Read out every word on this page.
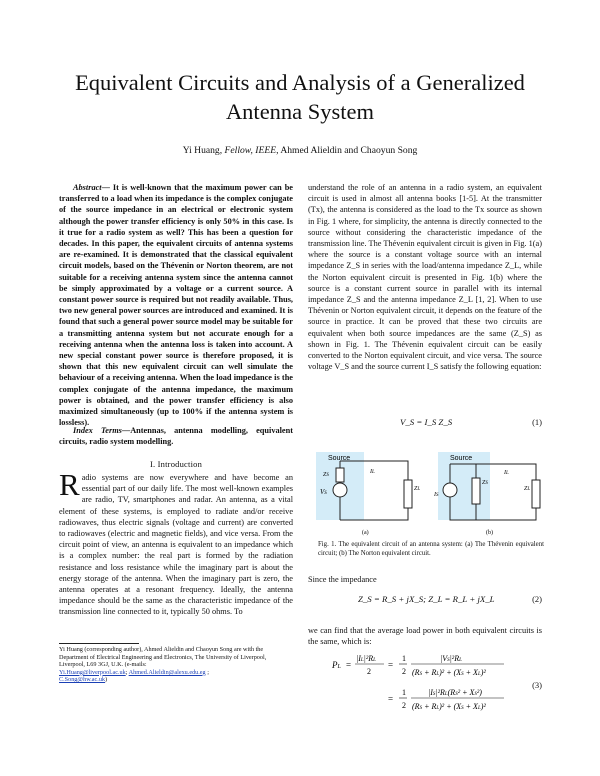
Equivalent Circuits and Analysis of a Generalized Antenna System
Yi Huang, Fellow, IEEE, Ahmed Alieldin and Chaoyun Song
Abstract— It is well-known that the maximum power can be transferred to a load when its impedance is the complex conjugate of the source impedance in an electrical or electronic system although the power transfer efficiency is only 50% in this case. Is it true for a radio system as well? This has been a question for decades. In this paper, the equivalent circuits of antenna systems are re-examined. It is demonstrated that the classical equivalent circuit models, based on the Thévenin or Norton theorem, are not suitable for a receiving antenna system since the antenna cannot be simply approximated by a voltage or a current source. A constant power source is required but not readily available. Thus, two new general power sources are introduced and examined. It is found that such a general power source model may be suitable for a transmitting antenna system but not accurate enough for a receiving antenna when the antenna loss is taken into account. A new special constant power source is therefore proposed, it is shown that this new equivalent circuit can well simulate the behaviour of a receiving antenna. When the load impedance is the complex conjugate of the antenna impedance, the maximum power is obtained, and the power transfer efficiency is also maximized simultaneously (up to 100% if the antenna system is lossless).
Index Terms—Antennas, antenna modelling, equivalent circuits, radio system modelling.
I. Introduction
Radio systems are now everywhere and have become an essential part of our daily life. The most well-known examples are radio, TV, smartphones and radar. An antenna, as a vital element of these systems, is employed to radiate and/or receive radiowaves, thus electric signals (voltage and current) are converted to radiowaves (electric and magnetic fields), and vice versa. From the circuit point of view, an antenna is equivalent to an impedance which is a complex number: the real part is formed by the radiation resistance and loss resistance while the imaginary part is about the energy storage of the antenna. When the imaginary part is zero, the antenna operates at a resonant frequency. Ideally, the antenna impedance should be the same as the characteristic impedance of the transmission line connected to it, typically 50 ohms. To
Yi Huang (corresponding author), Ahmed Alieldin and Chaoyun Song are with the Department of Electrical Engineering and Electronics, The University of Liverpool, Liverpool, L69 3GJ, U.K. (e-mails:
Yi.Huang@liverpool.ac.uk; Ahmed.Alieldin@alexu.edu.eg ;
C.Song@hw.ac.uk)
understand the role of an antenna in a radio system, an equivalent circuit is used in almost all antenna books [1-5]. At the transmitter (Tx), the antenna is considered as the load to the Tx source as shown in Fig. 1 where, for simplicity, the antenna is directly connected to the source without considering the characteristic impedance of the transmission line. The Thévenin equivalent circuit is given in Fig. 1(a) where the source is a constant voltage source with an internal impedance Z_S in series with the load/antenna impedance Z_L, while the Norton equivalent circuit is presented in Fig. 1(b) where the source is a constant current source in parallel with its internal impedance Z_S and the antenna impedance Z_L [1, 2]. When to use Thévenin or Norton equivalent circuit, it depends on the feature of the source in practice. It can be proved that these two circuits are equivalent when both source impedances are the same (Z_S) as shown in Fig. 1. The Thévenin equivalent circuit can be easily converted to the Norton equivalent circuit, and vice versa. The source voltage V_S and the source current I_S satisfy the following equation:
V_S = I_S Z_S	(1)
Source
VS
ZL
ZS
IL
(a)
Source
IS
ZS
ZL
IL
(b)
Fig. 1. The equivalent circuit of an antenna system: (a) The Thévenin equivalent circuit; (b) The Norton equivalent circuit.
Since the impedance
Z_S = R_S + jX_S; Z_L = R_L + jX_L	(2)
we can find that the average load power in both equivalent circuits is the same, which is:
PL =
|IL|²RL
2
=
1
2
|VS|²RL
(RS + RL)² + (XS + XL)²
=
1
2
|IS|²RL(RS² + XS²)
(RS + RL)² + (XS + XL)²
(3)
